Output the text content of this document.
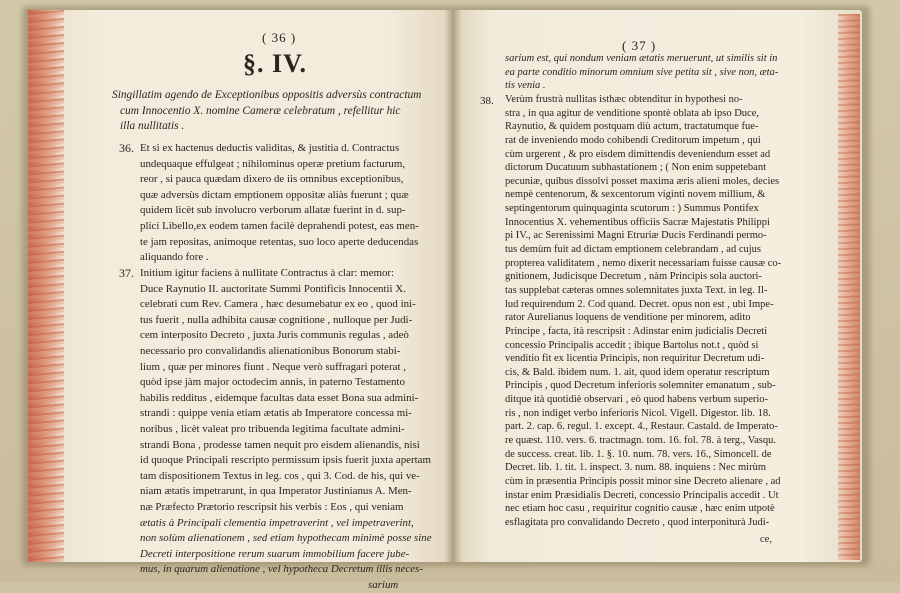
( 36 )
§. IV.
Singillatim agendo de Exceptionibus oppositis adversùs contractum
cum Innocentio X. nomine Cameræ celebratum , refellitur hic
illa nullitatis .
36. Et si ex hactenus deductis validitas, & justitia d. Contractus
undequaque effulgeat ; nihilominus operæ pretium facturum,
reor , si pauca quædam dixero de iis omnibus exceptionibus,
quæ adversùs dictam emptionem oppositæ aliàs fuerunt ; quæ
quidem licèt sub involucro verborum allatæ fuerint in d. sup-
plici Libello,ex eodem tamen facilè deprahendi potest, eas men-
te jam repositas, animoque retentas, suo loco aperte deducendas
aliquando fore .
37. Initium igitur faciens à nullitate Contractus à clar: memor:
Duce Raynutio II. auctoritate Summi Pontificis Innocentii X.
celebrati cum Rev. Camera , hæc desumebatur ex eo , quod ini-
tus fuerit , nulla adhibita causæ cognitione , nulloque per Judi-
cem interposito Decreto , juxta Juris communis regulas , adeò
necessario pro convalidandis alienationibus Bonorum stabi-
lium , quæ per minores fiunt . Neque verò suffragari poterat ,
quòd ipse jàm major octodecim annis, in paterno Testamento
habilis redditus , eidemque facultas data esset Bona sua admini-
strandi : quippe venia etiam ætatis ab Imperatore concessa mi-
noribus , licèt valeat pro tribuenda legitima facultate admini-
strandi Bona , prodesse tamen nequit pro eisdem alienandis, nisi
id quoque Principali rescripto permissum ipsis fuerit juxta apertam
tam dispositionem Textus in leg. cos , qui 3. Cod. de his, qui ve-
niam ætatis impetrarunt, in qua Imperator Justinianus A. Men-
næ Præfecto Prætorio rescripsit his verbis : Eos , qui veniam
ætatis à Principali clementia impetraverint , vel impetraverint,
non solùm alienationem , sed etiam hypothecam minimè posse sine
Decreti interpositione rerum suarum immobilium facere jube-
mus, in quarum alienatione , vel hypotheca Decretum illis neces-
sarium
( 37 )
sarium est, qui nondum veniam ætatis meruerunt, ut similis sit in
ea parte conditio minorum omnium sive petita sit , sive non, æta-
tis venia .
38. Verùm frustrà nullitas isthæc obtenditur in hypothesi no-
stra , in qua agitur de venditione spontè oblata ab ipso Duce,
Raynutio, & quidem postquam diù actum, tractatumque fue-
rat de inveniendo modo cohibendi Creditorum impetum , qui
cùm urgerent , & pro eisdem dimittendis deveniendum esset ad
dictorum Ducatuum subhastationem ; ( Non enim suppetebant
pecuniæ, quibus dissolvi posset maxima æris alieni moles, decies
nempè centenorum, & sexcentorum viginti novem millium, &
septingentorum quinquaginta scutorum : ) Summus Pontifex
Innocentius X. vehementibus officiis Sacræ Majestatis Philippi
pi IV., ac Serenissimi Magni Etruriæ Ducis Ferdinandi permo-
tus demùm fuit ad dictam emptionem celebrandam , ad cujus
propterea validitatem , nemo dixerit necessariam fuisse causæ co-
gnitionem, Judicisque Decretum , nàm Principis sola auctori-
tas supplebat cæteras omnes solemnitates juxta Text. in leg. Il-
lud requirendum 2. Cod quand. Decret. opus non est , ubi Impe-
rator Aurelianus loquens de venditione per minorem, adito
Principe , facta, ità rescripsit : Adinstar enim judicialis Decreti
concessio Principalis accedit ; ibique Bartolus not.t , quòd si
venditio fit ex licentia Principis, non requiritur Decretum udi-
cis, & Bald. ibidem num. 1. ait, quod idem operatur rescriptum
Principis , quod Decretum inferioris solemniter emanatum , sub-
ditque ità quotidiè observari , eò quod habens verbum superio-
ris , non indiget verbo inferioris Nicol. Vigell. Digestor. lib. 18.
part. 2. cap. 6. regul. 1. except. 4., Restaur. Castald. de Imperato-
re quæst. 110. vers. 6. tractmagn. tom. 16. fol. 78. à terg., Vasqu.
de success. creat. lib. 1. §. 10. num. 78. vers. 16., Simoncell. de
Decret. lib. 1. tit. 1. inspect. 3. num. 88. inquiens : Nec mirùm
cùm in præsentia Principis possit minor sine Decreto alienare , ad
instar enim Præsidialis Decreti, concessio Principalis accedit . Ut
nec etiam hoc casu , requiritur cognitio causæ , hæc enim utpotè
esflagitata pro convalidando Decreto , quod interponiturà Judi-
ce,
